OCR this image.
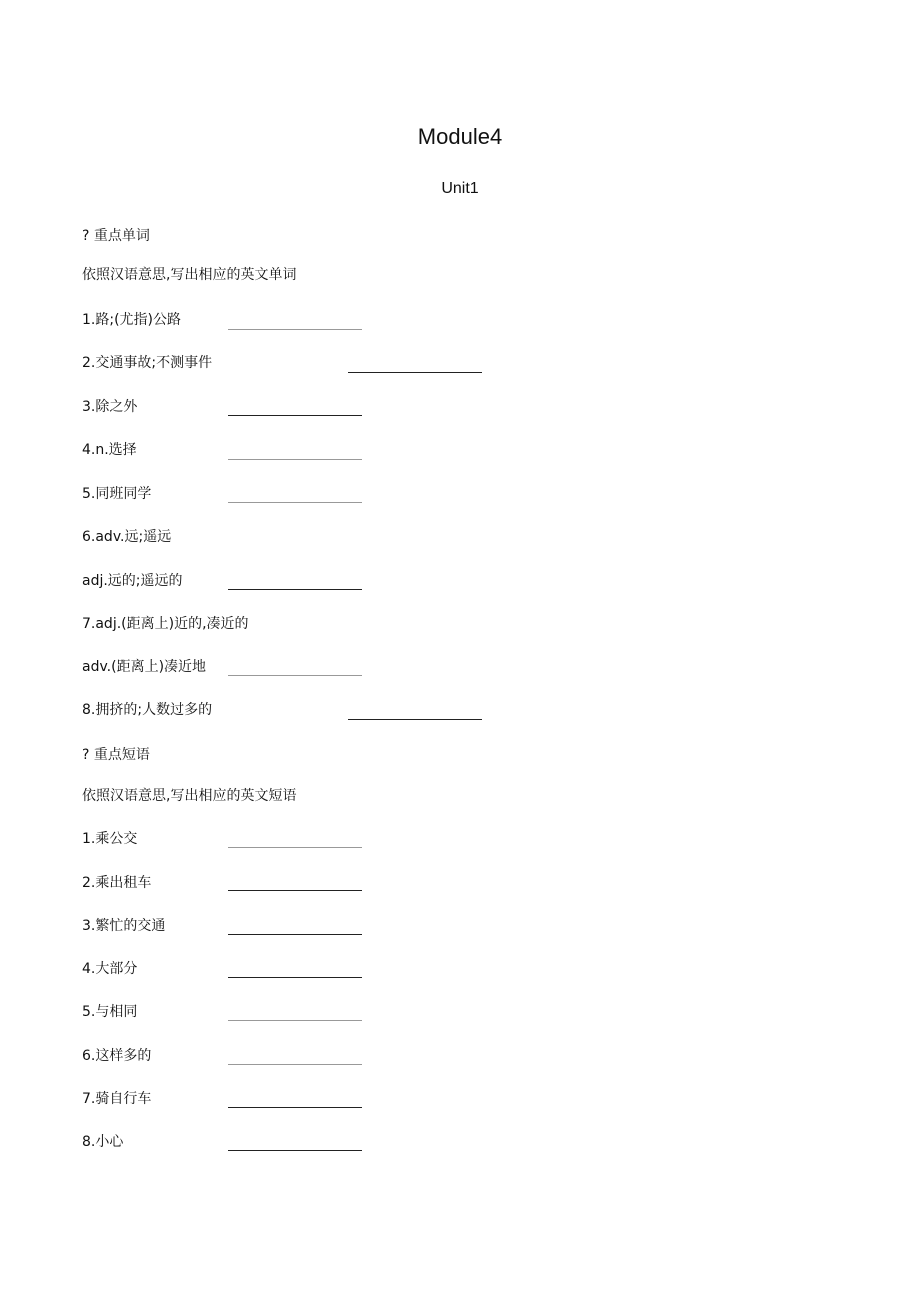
Module4
Unit1
? 重点单词
依照汉语意思,写出相应的英文单词
1.路;(尤指)公路
2.交通事故;不测事件
3.除之外
4.n.选择
5.同班同学
6.adv.远;遥远
adj.远的;遥远的
7.adj.(距离上)近的,凑近的
adv.(距离上)凑近地
8.拥挤的;人数过多的
? 重点短语
依照汉语意思,写出相应的英文短语
1.乘公交
2.乘出租车
3.繁忙的交通
4.大部分
5.与相同
6.这样多的
7.骑自行车
8.小心
